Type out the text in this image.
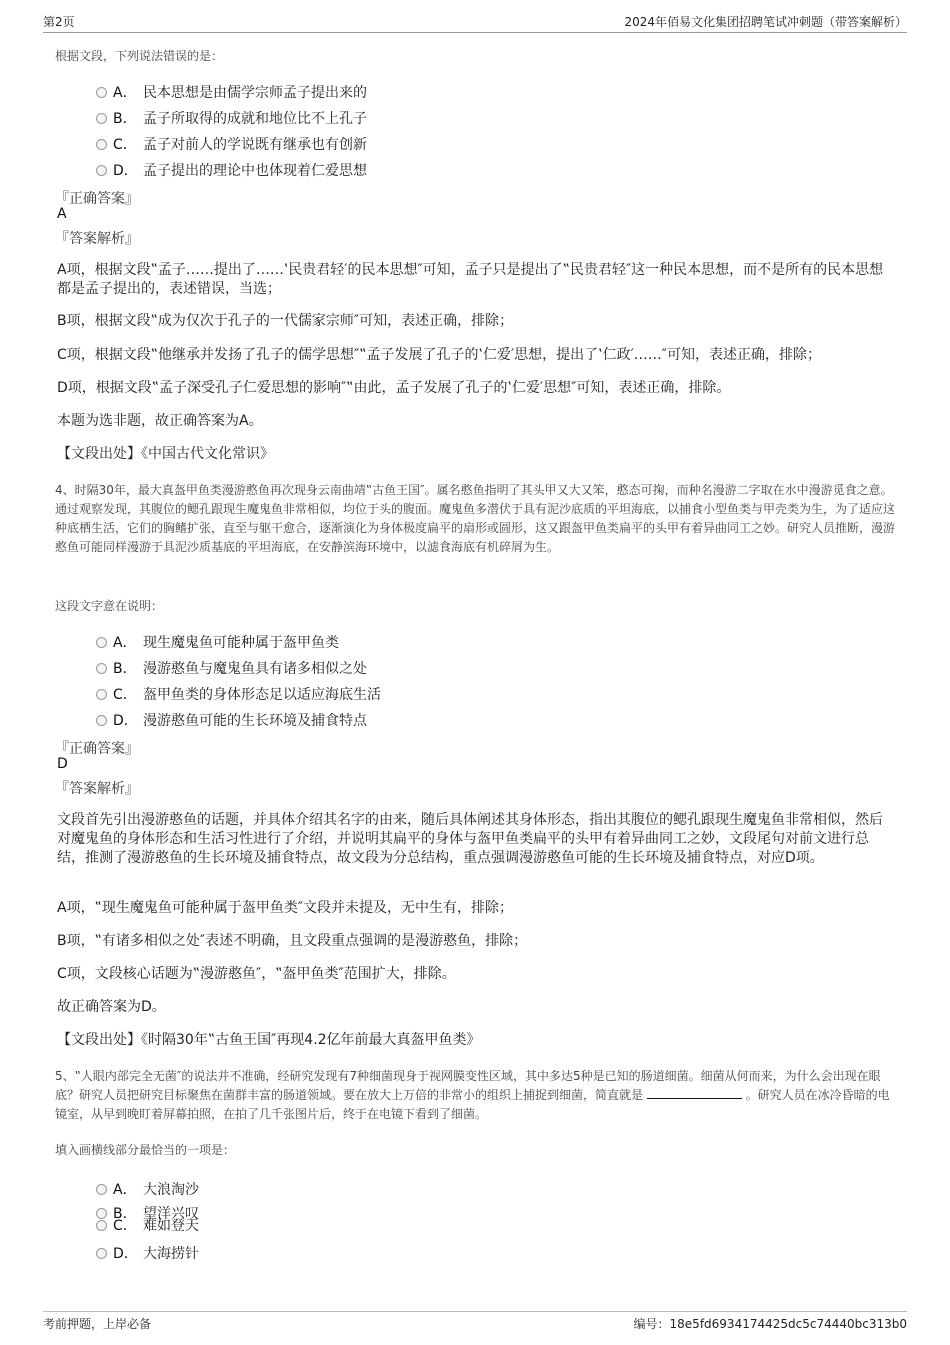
第2页	2024年佰易文化集团招聘笔试冲刺题（带答案解析）
根据文段，下列说法错误的是：
A． 民本思想是由儒学宗师孟子提出来的
B． 孟子所取得的成就和地位比不上孔子
C． 孟子对前人的学说既有继承也有创新
D． 孟子提出的理论中也体现着仁爱思想
『正确答案』
A
『答案解析』
A项，根据文段‟孟子……提出了……‛民贵君轻′的民本思想″可知，孟子只是提出了‟民贵君轻″这一种民本思想，而不是所有的民本思想都是孟子提出的，表述错误，当选；
B项，根据文段‟成为仅次于孔子的一代儒家宗师″可知，表述正确，排除；
C项，根据文段‟他继承并发扬了孔子的儒学思想″‟孟子发展了孔子的‛仁爱′思想，提出了‛仁政′……″可知，表述正确，排除；
D项，根据文段‟孟子深受孔子仁爱思想的影响″‟由此，孟子发展了孔子的‛仁爱′思想″可知，表述正确，排除。
本题为选非题，故正确答案为A。
【文段出处】《中国古代文化常识》
4、时隔30年，最大真盔甲鱼类漫游憨鱼再次现身云南曲靖‟古鱼王国″。属名憨鱼指明了其头甲又大又笨，憨态可掬，而种名漫游二字取在水中漫游觅食之意。通过观察发现，其腹位的鳃孔跟现生魔鬼鱼非常相似，均位于头的腹面。魔鬼鱼多潜伏于具有泥沙底质的平坦海底，以捕食小型鱼类与甲壳类为生，为了适应这种底栖生活，它们的胸鳍扩张，直至与躯干愈合，逐渐演化为身体极度扁平的扇形或圆形，这又跟盔甲鱼类扁平的头甲有着异曲同工之妙。研究人员推断，漫游憨鱼可能同样漫游于具泥沙质基底的平坦海底，在安静滨海环境中，以滤食海底有机碎屑为生。
这段文字意在说明：
A． 现生魔鬼鱼可能种属于盔甲鱼类
B． 漫游憨鱼与魔鬼鱼具有诸多相似之处
C． 盔甲鱼类的身体形态足以适应海底生活
D． 漫游憨鱼可能的生长环境及捕食特点
『正确答案』
D
『答案解析』
文段首先引出漫游憨鱼的话题，并具体介绍其名字的由来，随后具体阐述其身体形态，指出其腹位的鳃孔跟现生魔鬼鱼非常相似，然后对魔鬼鱼的身体形态和生活习性进行了介绍，并说明其扁平的身体与盔甲鱼类扁平的头甲有着异曲同工之妙，文段尾句对前文进行总结，推测了漫游憨鱼的生长环境及捕食特点，故文段为分总结构，重点强调漫游憨鱼可能的生长环境及捕食特点，对应D项。
A项，‟现生魔鬼鱼可能种属于盔甲鱼类″文段并未提及，无中生有，排除；
B项，‟有诸多相似之处″表述不明确，且文段重点强调的是漫游憨鱼，排除；
C项，文段核心话题为‟漫游憨鱼″，‟盔甲鱼类″范围扩大，排除。
故正确答案为D。
【文段出处】《时隔30年‟古鱼王国″再现4.2亿年前最大真盔甲鱼类》
5、‟人眼内部完全无菌″的说法并不准确，经研究发现有7种细菌现身于视网膜变性区域，其中多达5种是已知的肠道细菌。细菌从何而来，为什么会出现在眼底？研究人员把研究目标聚焦在菌群丰富的肠道领域。要在放大上万倍的非常小的组织上捕捉到细菌，简直就是	。研究人员在冰冷昏暗的电镜室，从早到晚盯着屏幕拍照，在拍了几千张图片后，终于在电镜下看到了细菌。
填入画横线部分最恰当的一项是：
A． 大浪淘沙
B． 望洋兴叹
C． 难如登天
D． 大海捞针
考前押题，上岸必备	编号：18e5fd6934174425dc5c74440bc313b0
